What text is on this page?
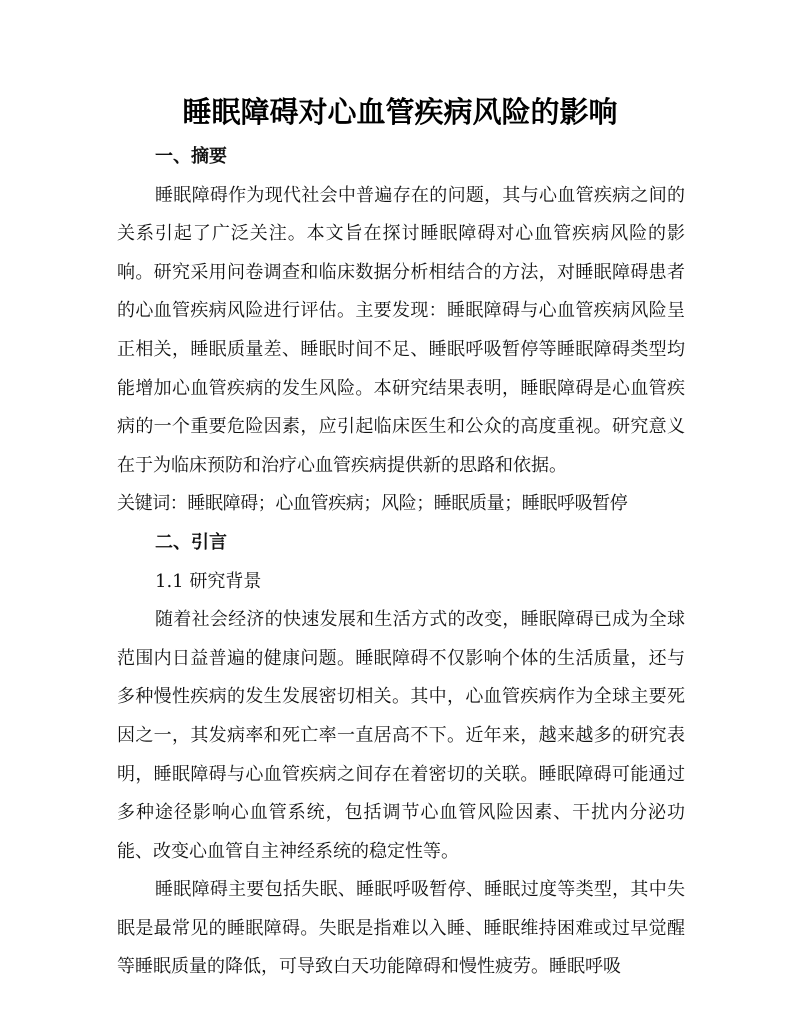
睡眠障碍对心血管疾病风险的影响

一、摘要

睡眠障碍作为现代社会中普遍存在的问题，其与心血管疾病之间的关系引起了广泛关注。本文旨在探讨睡眠障碍对心血管疾病风险的影响。研究采用问卷调查和临床数据分析相结合的方法，对睡眠障碍患者的心血管疾病风险进行评估。主要发现：睡眠障碍与心血管疾病风险呈正相关，睡眠质量差、睡眠时间不足、睡眠呼吸暂停等睡眠障碍类型均能增加心血管疾病的发生风险。本研究结果表明，睡眠障碍是心血管疾病的一个重要危险因素，应引起临床医生和公众的高度重视。研究意义在于为临床预防和治疗心血管疾病提供新的思路和依据。

关键词：睡眠障碍；心血管疾病；风险；睡眠质量；睡眠呼吸暂停

二、引言

1.1 研究背景

随着社会经济的快速发展和生活方式的改变，睡眠障碍已成为全球范围内日益普遍的健康问题。睡眠障碍不仅影响个体的生活质量，还与多种慢性疾病的发生发展密切相关。其中，心血管疾病作为全球主要死因之一，其发病率和死亡率一直居高不下。近年来，越来越多的研究表明，睡眠障碍与心血管疾病之间存在着密切的关联。睡眠障碍可能通过多种途径影响心血管系统，包括调节心血管风险因素、干扰内分泌功能、改变心血管自主神经系统的稳定性等。

睡眠障碍主要包括失眠、睡眠呼吸暂停、睡眠过度等类型，其中失眠是最常见的睡眠障碍。失眠是指难以入睡、睡眠维持困难或过早觉醒等睡眠质量的降低，可导致白天功能障碍和慢性疲劳。睡眠呼吸
